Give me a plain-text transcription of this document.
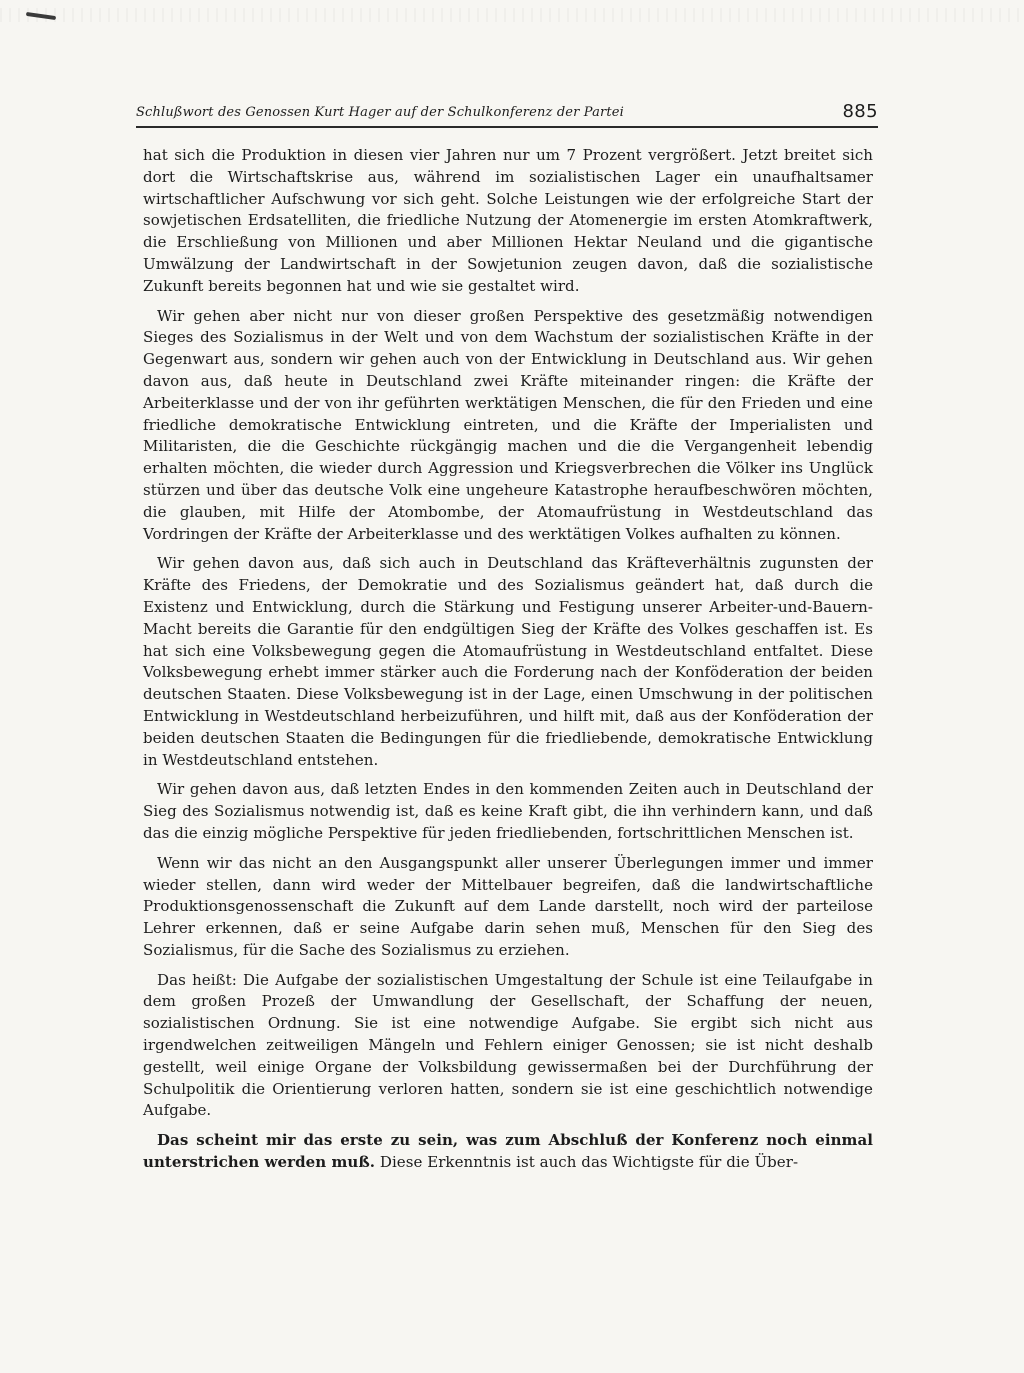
Schlußwort des Genossen Kurt Hager auf der Schulkonferenz der Partei	885

hat sich die Produktion in diesen vier Jahren nur um 7 Prozent vergrößert. Jetzt breitet sich dort die Wirtschaftskrise aus, während im sozialistischen Lager ein unaufhaltsamer wirtschaftlicher Aufschwung vor sich geht. Solche Leistungen wie der erfolgreiche Start der sowjetischen Erdsatelliten, die friedliche Nutzung der Atomenergie im ersten Atomkraftwerk, die Erschließung von Millionen und aber Millionen Hektar Neuland und die gigantische Umwälzung der Landwirtschaft in der Sowjetunion zeugen davon, daß die sozialistische Zukunft bereits begonnen hat und wie sie gestaltet wird.

Wir gehen aber nicht nur von dieser großen Perspektive des gesetzmäßig notwendigen Sieges des Sozialismus in der Welt und von dem Wachstum der sozialistischen Kräfte in der Gegenwart aus, sondern wir gehen auch von der Entwicklung in Deutschland aus. Wir gehen davon aus, daß heute in Deutschland zwei Kräfte miteinander ringen: die Kräfte der Arbeiterklasse und der von ihr geführten werktätigen Menschen, die für den Frieden und eine friedliche demokratische Entwicklung eintreten, und die Kräfte der Imperialisten und Militaristen, die die Geschichte rückgängig machen und die die Vergangenheit lebendig erhalten möchten, die wieder durch Aggression und Kriegsverbrechen die Völker ins Unglück stürzen und über das deutsche Volk eine ungeheure Katastrophe heraufbeschwören möchten, die glauben, mit Hilfe der Atombombe, der Atomaufrüstung in Westdeutschland das Vordringen der Kräfte der Arbeiterklasse und des werktätigen Volkes aufhalten zu können.

Wir gehen davon aus, daß sich auch in Deutschland das Kräfteverhältnis zugunsten der Kräfte des Friedens, der Demokratie und des Sozialismus geändert hat, daß durch die Existenz und Entwicklung, durch die Stärkung und Festigung unserer Arbeiter-und-Bauern-Macht bereits die Garantie für den endgültigen Sieg der Kräfte des Volkes geschaffen ist. Es hat sich eine Volksbewegung gegen die Atomaufrüstung in Westdeutschland entfaltet. Diese Volksbewegung erhebt immer stärker auch die Forderung nach der Konföderation der beiden deutschen Staaten. Diese Volksbewegung ist in der Lage, einen Umschwung in der politischen Entwicklung in Westdeutschland herbeizuführen, und hilft mit, daß aus der Konföderation der beiden deutschen Staaten die Bedingungen für die friedliebende, demokratische Entwicklung in Westdeutschland entstehen.

Wir gehen davon aus, daß letzten Endes in den kommenden Zeiten auch in Deutschland der Sieg des Sozialismus notwendig ist, daß es keine Kraft gibt, die ihn verhindern kann, und daß das die einzig mögliche Perspektive für jeden friedliebenden, fortschrittlichen Menschen ist.

Wenn wir das nicht an den Ausgangspunkt aller unserer Überlegungen immer und immer wieder stellen, dann wird weder der Mittelbauer begreifen, daß die landwirtschaftliche Produktionsgenossenschaft die Zukunft auf dem Lande darstellt, noch wird der parteilose Lehrer erkennen, daß er seine Aufgabe darin sehen muß, Menschen für den Sieg des Sozialismus, für die Sache des Sozialismus zu erziehen.

Das heißt: Die Aufgabe der sozialistischen Umgestaltung der Schule ist eine Teilaufgabe in dem großen Prozeß der Umwandlung der Gesellschaft, der Schaffung der neuen, sozialistischen Ordnung. Sie ist eine notwendige Aufgabe. Sie ergibt sich nicht aus irgendwelchen zeitweiligen Mängeln und Fehlern einiger Genossen; sie ist nicht deshalb gestellt, weil einige Organe der Volksbildung gewissermaßen bei der Durchführung der Schulpolitik die Orientierung verloren hatten, sondern sie ist eine geschichtlich notwendige Aufgabe.

Das scheint mir das erste zu sein, was zum Abschluß der Konferenz noch einmal unterstrichen werden muß. Diese Erkenntnis ist auch das Wichtigste für die Über-
